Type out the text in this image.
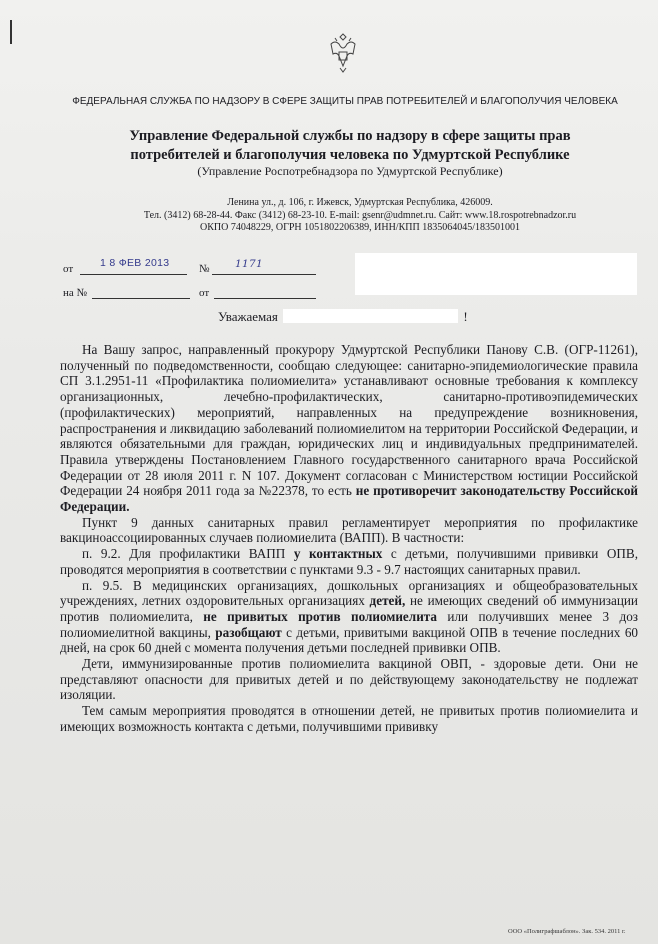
ФЕДЕРАЛЬНАЯ СЛУЖБА ПО НАДЗОРУ В СФЕРЕ ЗАЩИТЫ ПРАВ ПОТРЕБИТЕЛЕЙ И БЛАГОПОЛУЧИЯ ЧЕЛОВЕКА
Управление Федеральной службы по надзору в сфере защиты прав
потребителей и благополучия человека по Удмуртской Республике
(Управление Роспотребнадзора по Удмуртской Республике)
Ленина ул., д. 106, г. Ижевск, Удмуртская Республика, 426009.
Тел. (3412) 68-28-44. Факс (3412) 68-23-10. E-mail: gsenr@udmnet.ru. Сайт: www.18.rospotrebnadzor.ru
ОКПО 74048229, ОГРН 1051802206389, ИНН/КПП 1835064045/183501001
от	1 8 ФЕВ 2013	№ 1171
на №	от
Уважаемая	!

На Вашу запрос, направленный прокурору Удмуртской Республики Панову С.В. (ОГР-11261), полученный по подведомственности, сообщаю следующее: санитарно-эпидемиологические правила СП 3.1.2951-11 «Профилактика полиомиелита» устанавливают основные требования к комплексу организационных, лечебно-профилактических, санитарно-противоэпидемических (профилактических) мероприятий, направленных на предупреждение возникновения, распространения и ликвидацию заболеваний полиомиелитом на территории Российской Федерации, и являются обязательными для граждан, юридических лиц и индивидуальных предпринимателей. Правила утверждены Постановлением Главного государственного санитарного врача Российской Федерации от 28 июля 2011 г. N 107. Документ согласован с Министерством юстиции Российской Федерации 24 ноября 2011 года за №22378, то есть не противоречит законодательству Российской Федерации.

Пункт 9 данных санитарных правил регламентирует мероприятия по профилактике вакциноассоциированных случаев полиомиелита (ВАПП). В частности:

п. 9.2. Для профилактики ВАПП у контактных с детьми, получившими прививки ОПВ, проводятся мероприятия в соответствии с пунктами 9.3 - 9.7 настоящих санитарных правил.

п. 9.5. В медицинских организациях, дошкольных организациях и общеобразовательных учреждениях, летних оздоровительных организациях детей, не имеющих сведений об иммунизации против полиомиелита, не привитых против полиомиелита или получивших менее 3 доз полиомиелитной вакцины, разобщают с детьми, привитыми вакциной ОПВ в течение последних 60 дней, на срок 60 дней с момента получения детьми последней прививки ОПВ.

Дети, иммунизированные против полиомиелита вакциной ОВП, - здоровые дети. Они не представляют опасности для привитых детей и по действующему законодательству не подлежат изоляции.

Тем самым мероприятия проводятся в отношении детей, не привитых против полиомиелита и имеющих возможность контакта с детьми, получившими прививку

ООО «Полиграфшаблон». Зак. 534. 2011 г.
